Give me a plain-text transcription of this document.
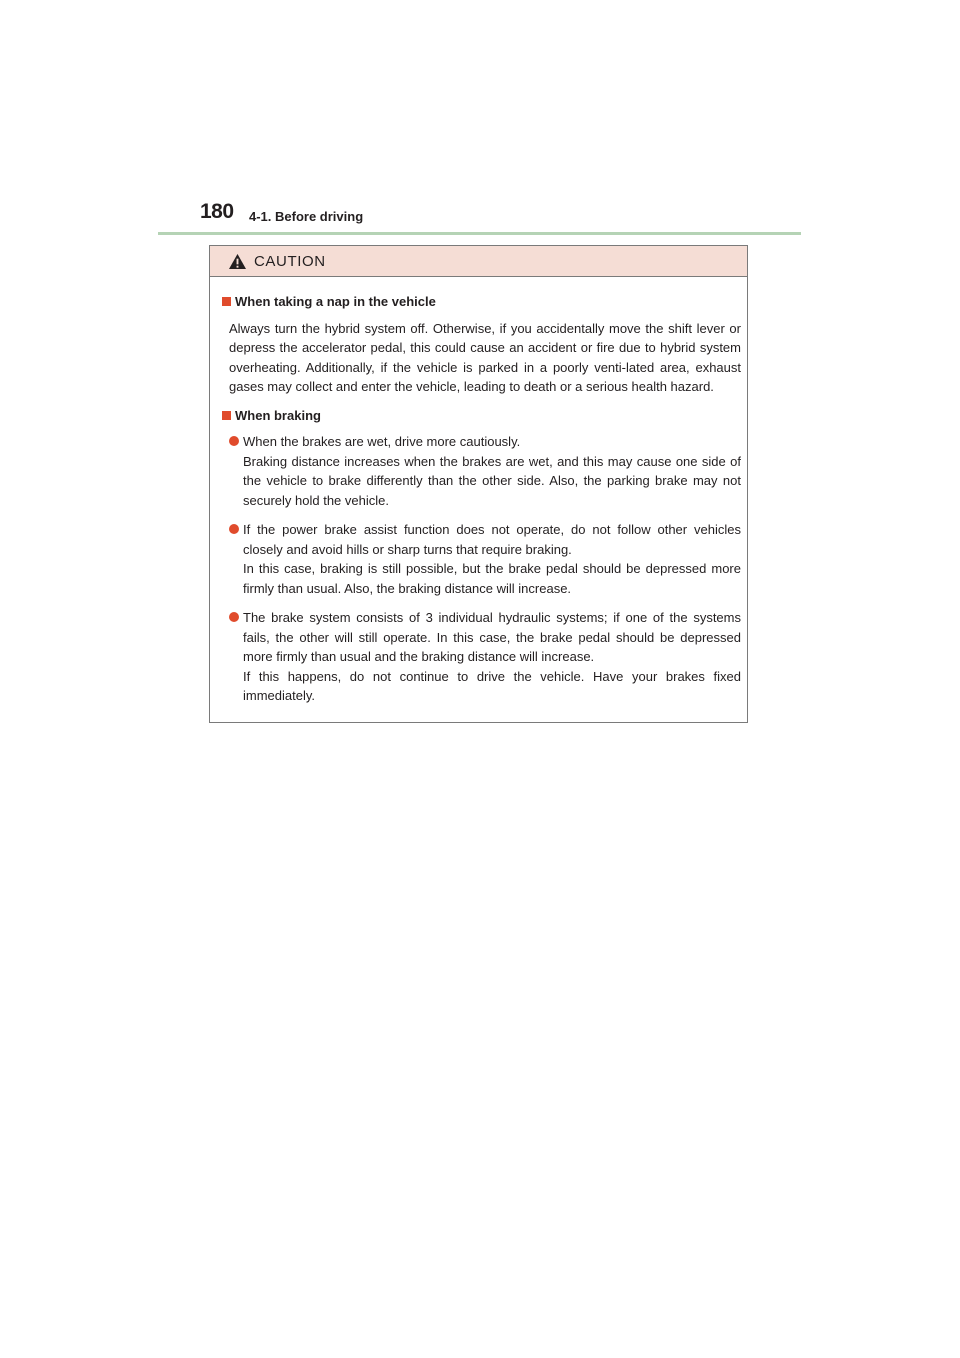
180 4-1. Before driving
CAUTION
When taking a nap in the vehicle

Always turn the hybrid system off. Otherwise, if you accidentally move the shift lever or depress the accelerator pedal, this could cause an accident or fire due to hybrid system overheating. Additionally, if the vehicle is parked in a poorly venti-lated area, exhaust gases may collect and enter the vehicle, leading to death or a serious health hazard.

When braking

When the brakes are wet, drive more cautiously.

Braking distance increases when the brakes are wet, and this may cause one side of the vehicle to brake differently than the other side. Also, the parking brake may not securely hold the vehicle.

If the power brake assist function does not operate, do not follow other vehicles closely and avoid hills or sharp turns that require braking.

In this case, braking is still possible, but the brake pedal should be depressed more firmly than usual. Also, the braking distance will increase.

The brake system consists of 3 individual hydraulic systems; if one of the systems fails, the other will still operate. In this case, the brake pedal should be depressed more firmly than usual and the braking distance will increase.

If this happens, do not continue to drive the vehicle. Have your brakes fixed immediately.
